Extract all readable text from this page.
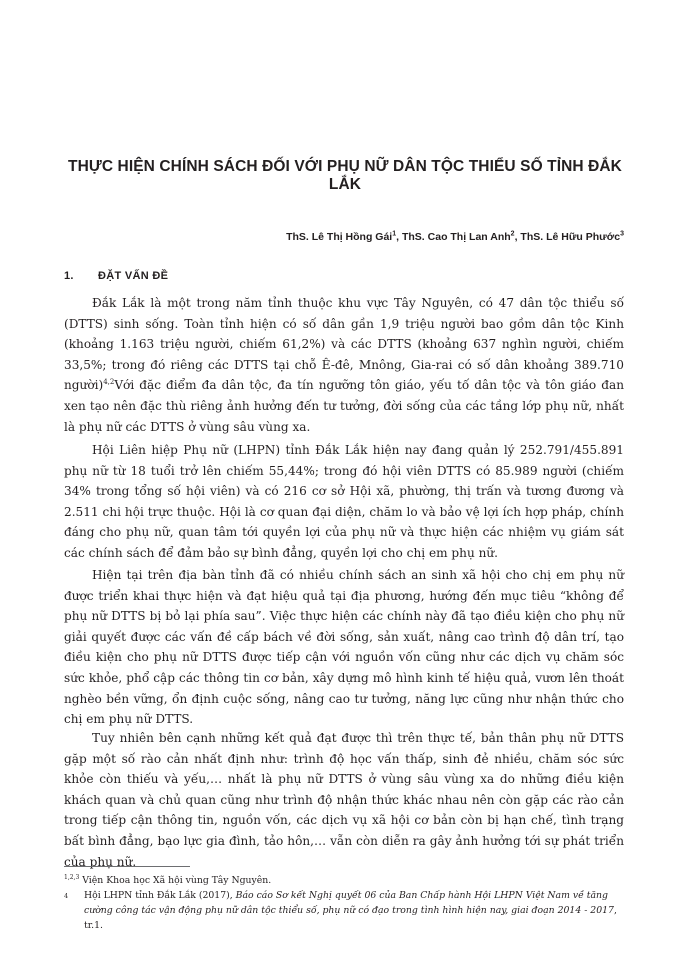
THỰC HIỆN CHÍNH SÁCH ĐỐI VỚI PHỤ NỮ DÂN TỘC THIỂU SỐ TỈNH ĐẮK LẮK
ThS. Lê Thị Hồng Gái$^1$, ThS. Cao Thị Lan Anh$^2$, ThS. Lê Hữu Phước$^3$
1. ĐẶT VẤN ĐỀ

Đắk Lắk là một trong năm tỉnh thuộc khu vực Tây Nguyên, có 47 dân tộc thiểu số (DTTS) sinh sống. Toàn tỉnh hiện có số dân gần 1,9 triệu người bao gồm dân tộc Kinh (khoảng 1.163 triệu người, chiếm 61,2%) và các DTTS (khoảng 637 nghìn người, chiếm 33,5%; trong đó riêng các DTTS tại chỗ Ê-đê, Mnông, Gia-rai có số dân khoảng 389.710 người)$^{4,2}$Với đặc điểm đa dân tộc, đa tín ngưỡng tôn giáo, yếu tố dân tộc và tôn giáo đan xen tạo nên đặc thù riêng ảnh hưởng đến tư tưởng, đời sống của các tầng lớp phụ nữ, nhất là phụ nữ các DTTS ở vùng sâu vùng xa.

Hội Liên hiệp Phụ nữ (LHPN) tỉnh Đắk Lắk hiện nay đang quản lý 252.791/455.891 phụ nữ từ 18 tuổi trở lên chiếm 55,44%; trong đó hội viên DTTS có 85.989 người (chiếm 34% trong tổng số hội viên) và có 216 cơ sở Hội xã, phường, thị trấn và tương đương và 2.511 chi hội trực thuộc. Hội là cơ quan đại diện, chăm lo và bảo vệ lợi ích hợp pháp, chính đáng cho phụ nữ, quan tâm tới quyền lợi của phụ nữ và thực hiện các nhiệm vụ giám sát các chính sách để đảm bảo sự bình đẳng, quyền lợi cho chị em phụ nữ.

Hiện tại trên địa bàn tỉnh đã có nhiều chính sách an sinh xã hội cho chị em phụ nữ được triển khai thực hiện và đạt hiệu quả tại địa phương, hướng đến mục tiêu “không để phụ nữ DTTS bị bỏ lại phía sau”. Việc thực hiện các chính này đã tạo điều kiện cho phụ nữ giải quyết được các vấn đề cấp bách về đời sống, sản xuất, nâng cao trình độ dân trí, tạo điều kiện cho phụ nữ DTTS được tiếp cận với nguồn vốn cũng như các dịch vụ chăm sóc sức khỏe, phổ cập các thông tin cơ bản, xây dựng mô hình kinh tế hiệu quả, vươn lên thoát nghèo bền vững, ổn định cuộc sống, nâng cao tư tưởng, năng lực cũng như nhận thức cho chị em phụ nữ DTTS.

Tuy nhiên bên cạnh những kết quả đạt được thì trên thực tế, bản thân phụ nữ DTTS gặp một số rào cản nhất định như: trình độ học vấn thấp, sinh đẻ nhiều, chăm sóc sức khỏe còn thiếu và yếu,… nhất là phụ nữ DTTS ở vùng sâu vùng xa do những điều kiện khách quan và chủ quan cũng như trình độ nhận thức khác nhau nên còn gặp các rào cản trong tiếp cận thông tin, nguồn vốn, các dịch vụ xã hội cơ bản còn bị hạn chế, tình trạng bất bình đẳng, bạo lực gia đình, tảo hôn,… vẫn còn diễn ra gây ảnh hưởng tới sự phát triển của phụ nữ.

$^{1,2,3}$ Viện Khoa học Xã hội vùng Tây Nguyên.

4 Hội LHPN tỉnh Đắk Lắk (2017), Báo cáo Sơ kết Nghị quyết 06 của Ban Chấp hành Hội LHPN Việt Nam về tăng cường công tác vận động phụ nữ dân tộc thiểu số, phụ nữ có đạo trong tình hình hiện nay, giai đoạn 2014 - 2017, tr.1.
